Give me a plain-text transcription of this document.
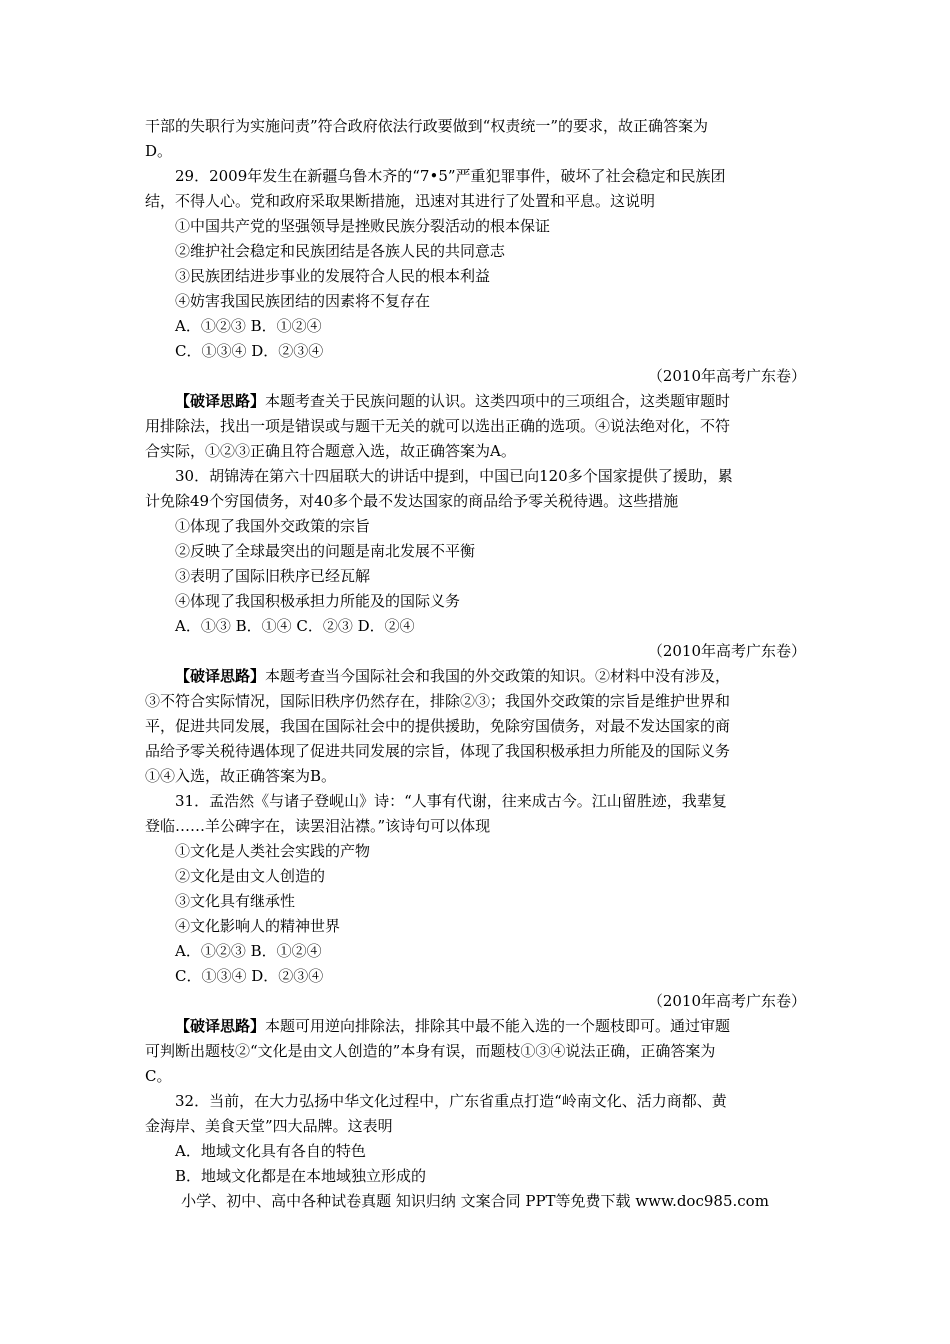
干部的失职行为实施问责”符合政府依法行政要做到“权责统一”的要求，故正确答案为
D。
29．2009年发生在新疆乌鲁木齐的“7•5”严重犯罪事件，破坏了社会稳定和民族团
结，不得人心。党和政府采取果断措施，迅速对其进行了处置和平息。这说明
①中国共产党的坚强领导是挫败民族分裂活动的根本保证
②维护社会稳定和民族团结是各族人民的共同意志
③民族团结进步事业的发展符合人民的根本利益
④妨害我国民族团结的因素将不复存在
A．①②③ B．①②④
C．①③④ D．②③④
（2010年高考广东卷）
【破译思路】本题考查关于民族问题的认识。这类四项中的三项组合，这类题审题时
用排除法，找出一项是错误或与题干无关的就可以选出正确的选项。④说法绝对化，不符
合实际，①②③正确且符合题意入选，故正确答案为A。
30．胡锦涛在第六十四届联大的讲话中提到，中国已向120多个国家提供了援助，累
计免除49个穷国债务，对40多个最不发达国家的商品给予零关税待遇。这些措施
①体现了我国外交政策的宗旨
②反映了全球最突出的问题是南北发展不平衡
③表明了国际旧秩序已经瓦解
④体现了我国积极承担力所能及的国际义务
A．①③ B．①④ C．②③ D．②④
（2010年高考广东卷）
【破译思路】本题考查当今国际社会和我国的外交政策的知识。②材料中没有涉及，
③不符合实际情况，国际旧秩序仍然存在，排除②③；我国外交政策的宗旨是维护世界和
平，促进共同发展，我国在国际社会中的提供援助，免除穷国债务，对最不发达国家的商
品给予零关税待遇体现了促进共同发展的宗旨，体现了我国积极承担力所能及的国际义务
①④入选，故正确答案为B。
31．孟浩然《与诸子登岘山》诗：“人事有代谢，往来成古今。江山留胜迹，我辈复
登临……羊公碑字在，读罢泪沾襟。”该诗句可以体现
①文化是人类社会实践的产物
②文化是由文人创造的
③文化具有继承性
④文化影响人的精神世界
A．①②③ B．①②④
C．①③④ D．②③④
（2010年高考广东卷）
【破译思路】本题可用逆向排除法，排除其中最不能入选的一个题枝即可。通过审题
可判断出题枝②“文化是由文人创造的”本身有误，而题枝①③④说法正确，正确答案为
C。
32．当前，在大力弘扬中华文化过程中，广东省重点打造“岭南文化、活力商都、黄
金海岸、美食天堂”四大品牌。这表明
A．地域文化具有各自的特色
B．地域文化都是在本地域独立形成的
小学、初中、高中各种试卷真题 知识归纳 文案合同 PPT等免费下载 www.doc985.com
